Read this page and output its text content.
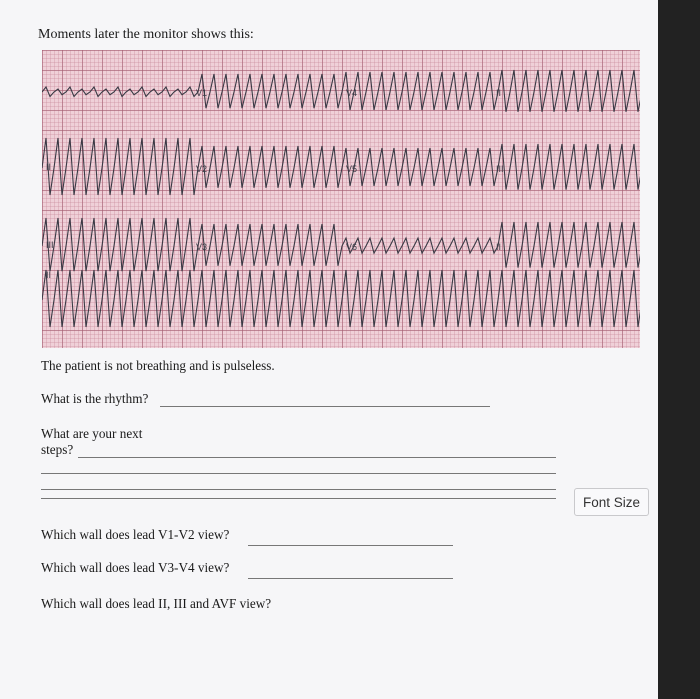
Moments later the monitor shows this:
V1	V4	II
V2	V5	III
V3	V6	II
II
II
III
The patient is not breathing and is pulseless.
What is the rhythm?
What are your next
steps?
Which wall does lead V1-V2 view?
Which wall does lead V3-V4 view?
Which wall does lead II, III and AVF view?
Font Size
